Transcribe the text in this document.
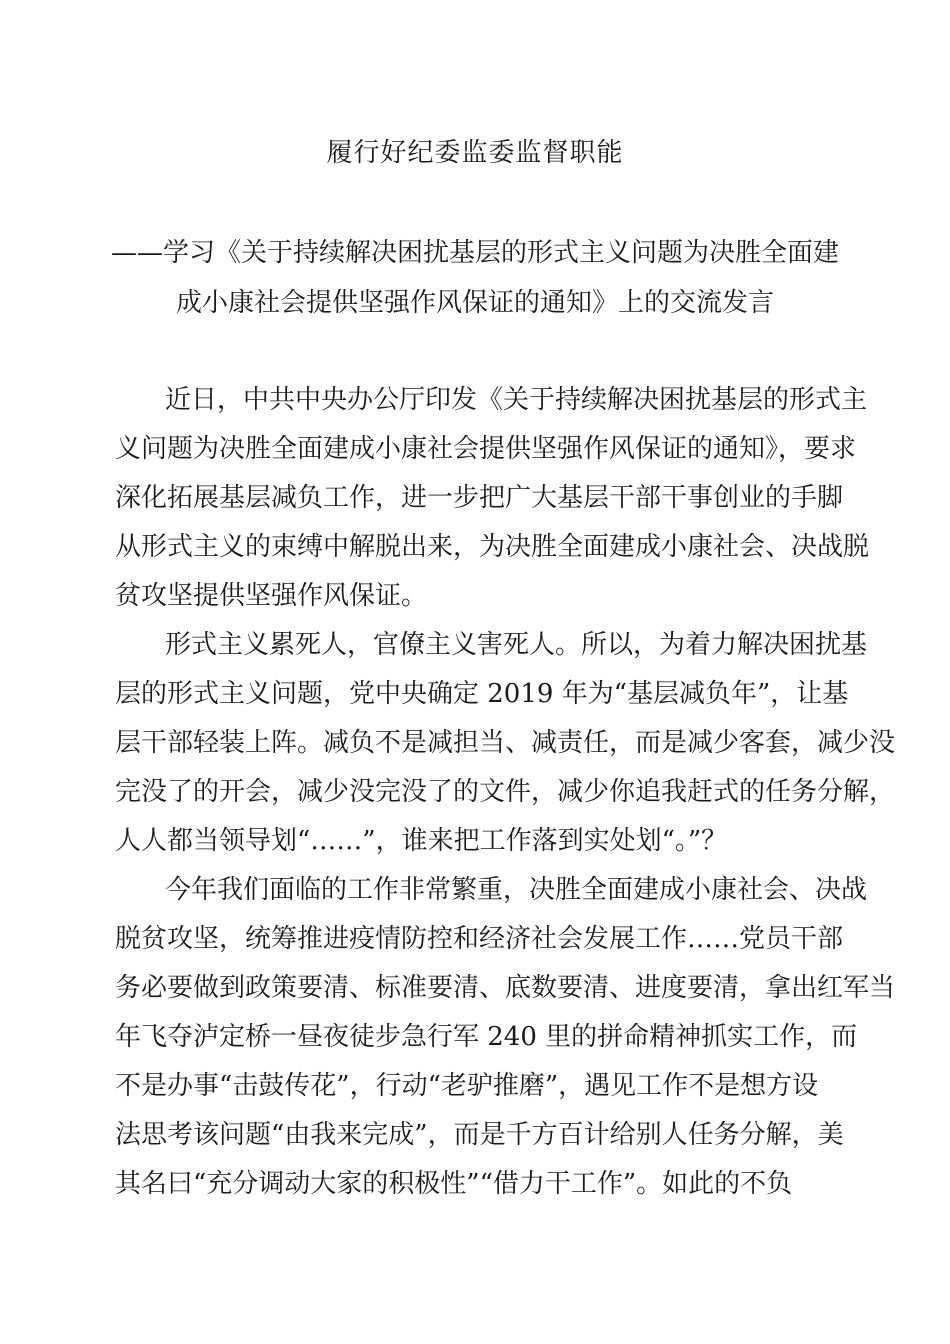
履行好纪委监委监督职能
——学习《关于持续解决困扰基层的形式主义问题为决胜全面建
成小康社会提供坚强作风保证的通知》上的交流发言

近日，中共中央办公厅印发《关于持续解决困扰基层的形式主
义问题为决胜全面建成小康社会提供坚强作风保证的通知》，要求
深化拓展基层减负工作，进一步把广大基层干部干事创业的手脚
从形式主义的束缚中解脱出来，为决胜全面建成小康社会、决战脱
贫攻坚提供坚强作风保证。

形式主义累死人，官僚主义害死人。所以，为着力解决困扰基
层的形式主义问题，党中央确定 2019 年为“基层减负年”，让基
层干部轻装上阵。减负不是减担当、减责任，而是减少客套，减少没
完没了的开会，减少没完没了的文件，减少你追我赶式的任务分解，
人人都当领导划“……”，谁来把工作落到实处划“。”？

今年我们面临的工作非常繁重，决胜全面建成小康社会、决战
脱贫攻坚，统筹推进疫情防控和经济社会发展工作……党员干部
务必要做到政策要清、标准要清、底数要清、进度要清，拿出红军当
年飞夺泸定桥一昼夜徒步急行军 240 里的拼命精神抓实工作，而
不是办事“击鼓传花”，行动“老驴推磨”，遇见工作不是想方设
法思考该问题“由我来完成”，而是千方百计给别人任务分解，美
其名曰“充分调动大家的积极性”“借力干工作”。如此的不负
